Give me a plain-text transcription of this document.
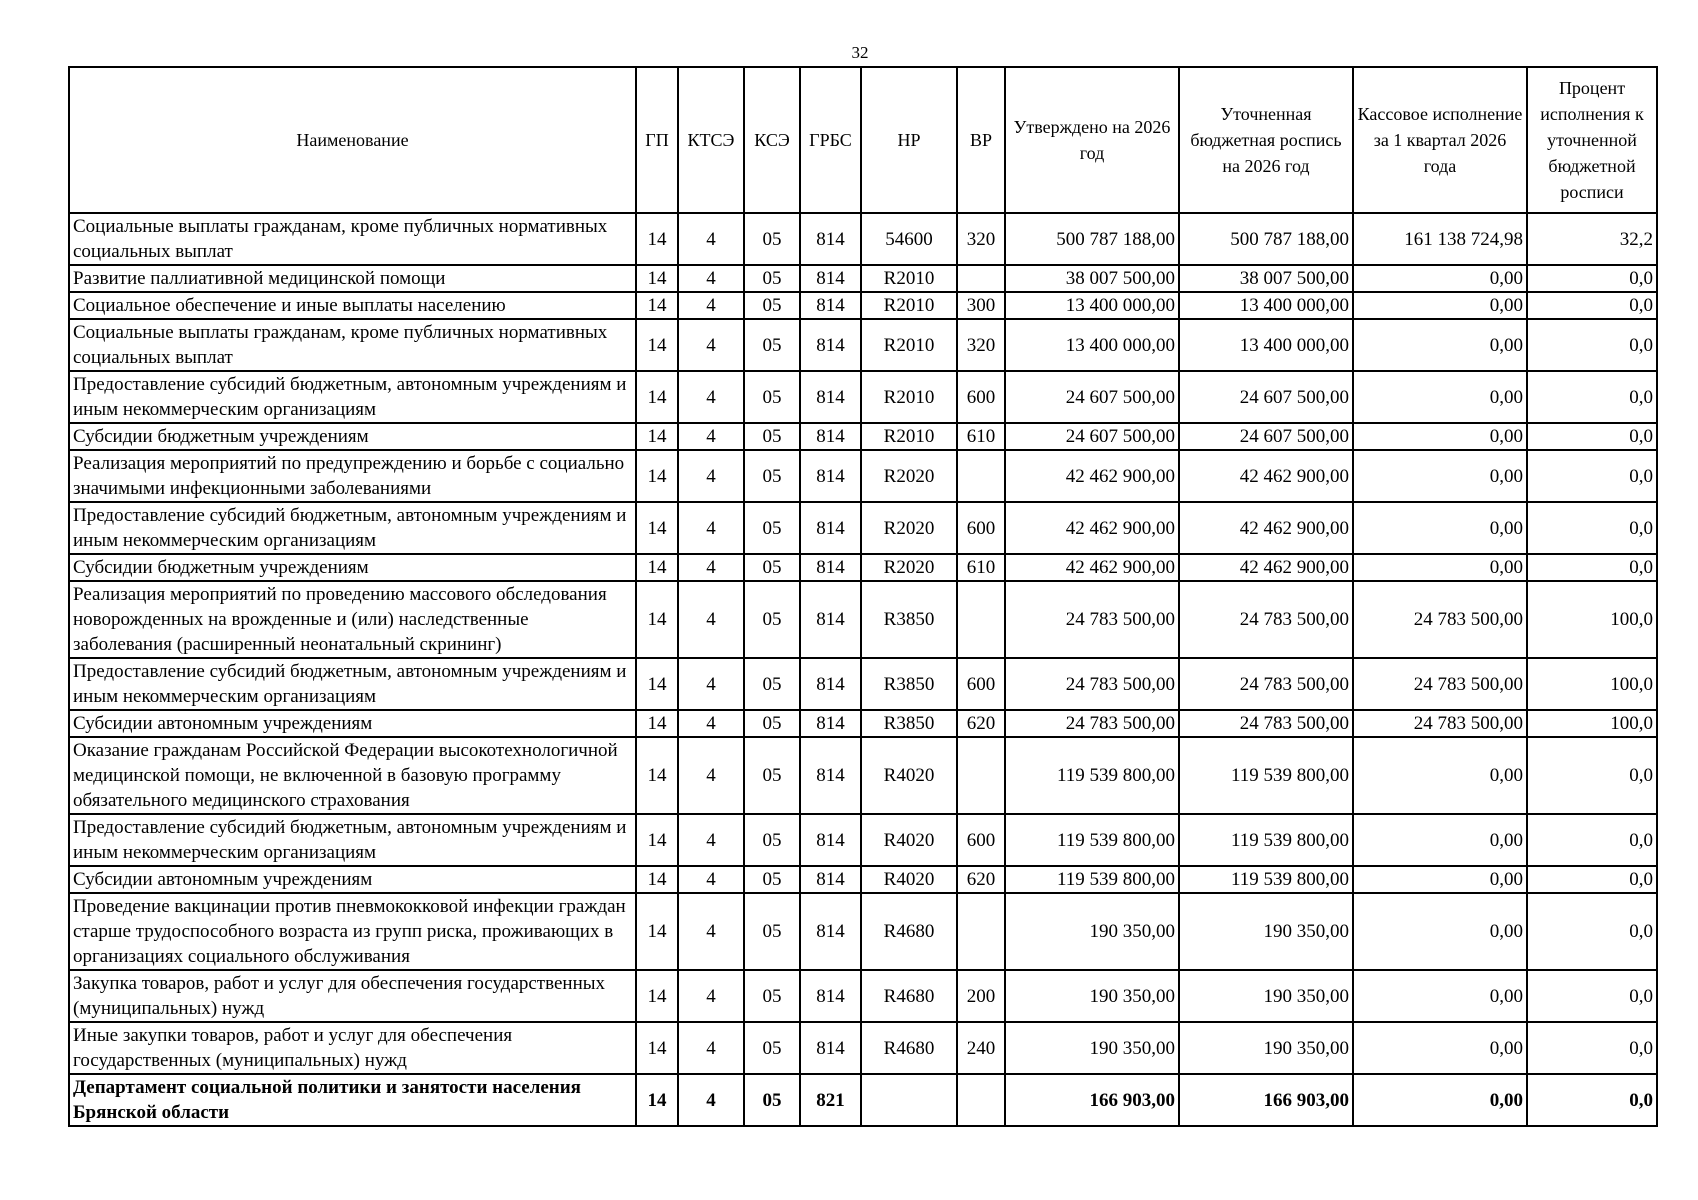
32
Наименование	ГП	КТСЭ	КСЭ	ГРБС	НР	ВР	Утверждено на 2026 год	Уточненная бюджетная роспись на 2026 год	Кассовое исполнение за 1 квартал 2026 года	Процент исполнения к уточненной бюджетной росписи
Социальные выплаты гражданам, кроме публичных нормативных социальных выплат	14	4	05	814	54600	320	500 787 188,00	500 787 188,00	161 138 724,98	32,2
Развитие паллиативной медицинской помощи	14	4	05	814	R2010		38 007 500,00	38 007 500,00	0,00	0,0
Социальное обеспечение и иные выплаты населению	14	4	05	814	R2010	300	13 400 000,00	13 400 000,00	0,00	0,0
Социальные выплаты гражданам, кроме публичных нормативных социальных выплат	14	4	05	814	R2010	320	13 400 000,00	13 400 000,00	0,00	0,0
Предоставление субсидий бюджетным, автономным учреждениям и иным некоммерческим организациям	14	4	05	814	R2010	600	24 607 500,00	24 607 500,00	0,00	0,0
Субсидии бюджетным учреждениям	14	4	05	814	R2010	610	24 607 500,00	24 607 500,00	0,00	0,0
Реализация мероприятий по предупреждению и борьбе с социально значимыми инфекционными заболеваниями	14	4	05	814	R2020		42 462 900,00	42 462 900,00	0,00	0,0
Предоставление субсидий бюджетным, автономным учреждениям и иным некоммерческим организациям	14	4	05	814	R2020	600	42 462 900,00	42 462 900,00	0,00	0,0
Субсидии бюджетным учреждениям	14	4	05	814	R2020	610	42 462 900,00	42 462 900,00	0,00	0,0
Реализация мероприятий по проведению массового обследования новорожденных на врожденные и (или) наследственные заболевания (расширенный неонатальный скрининг)	14	4	05	814	R3850		24 783 500,00	24 783 500,00	24 783 500,00	100,0
Предоставление субсидий бюджетным, автономным учреждениям и иным некоммерческим организациям	14	4	05	814	R3850	600	24 783 500,00	24 783 500,00	24 783 500,00	100,0
Субсидии автономным учреждениям	14	4	05	814	R3850	620	24 783 500,00	24 783 500,00	24 783 500,00	100,0
Оказание гражданам Российской Федерации высокотехнологичной медицинской помощи, не включенной в базовую программу обязательного медицинского страхования	14	4	05	814	R4020		119 539 800,00	119 539 800,00	0,00	0,0
Предоставление субсидий бюджетным, автономным учреждениям и иным некоммерческим организациям	14	4	05	814	R4020	600	119 539 800,00	119 539 800,00	0,00	0,0
Субсидии автономным учреждениям	14	4	05	814	R4020	620	119 539 800,00	119 539 800,00	0,00	0,0
Проведение вакцинации против пневмококковой инфекции граждан старше трудоспособного возраста из групп риска, проживающих в организациях социального обслуживания	14	4	05	814	R4680		190 350,00	190 350,00	0,00	0,0
Закупка товаров, работ и услуг для обеспечения государственных (муниципальных) нужд	14	4	05	814	R4680	200	190 350,00	190 350,00	0,00	0,0
Иные закупки товаров, работ и услуг для обеспечения государственных (муниципальных) нужд	14	4	05	814	R4680	240	190 350,00	190 350,00	0,00	0,0
Департамент социальной политики и занятости населения Брянской области	14	4	05	821			166 903,00	166 903,00	0,00	0,0
